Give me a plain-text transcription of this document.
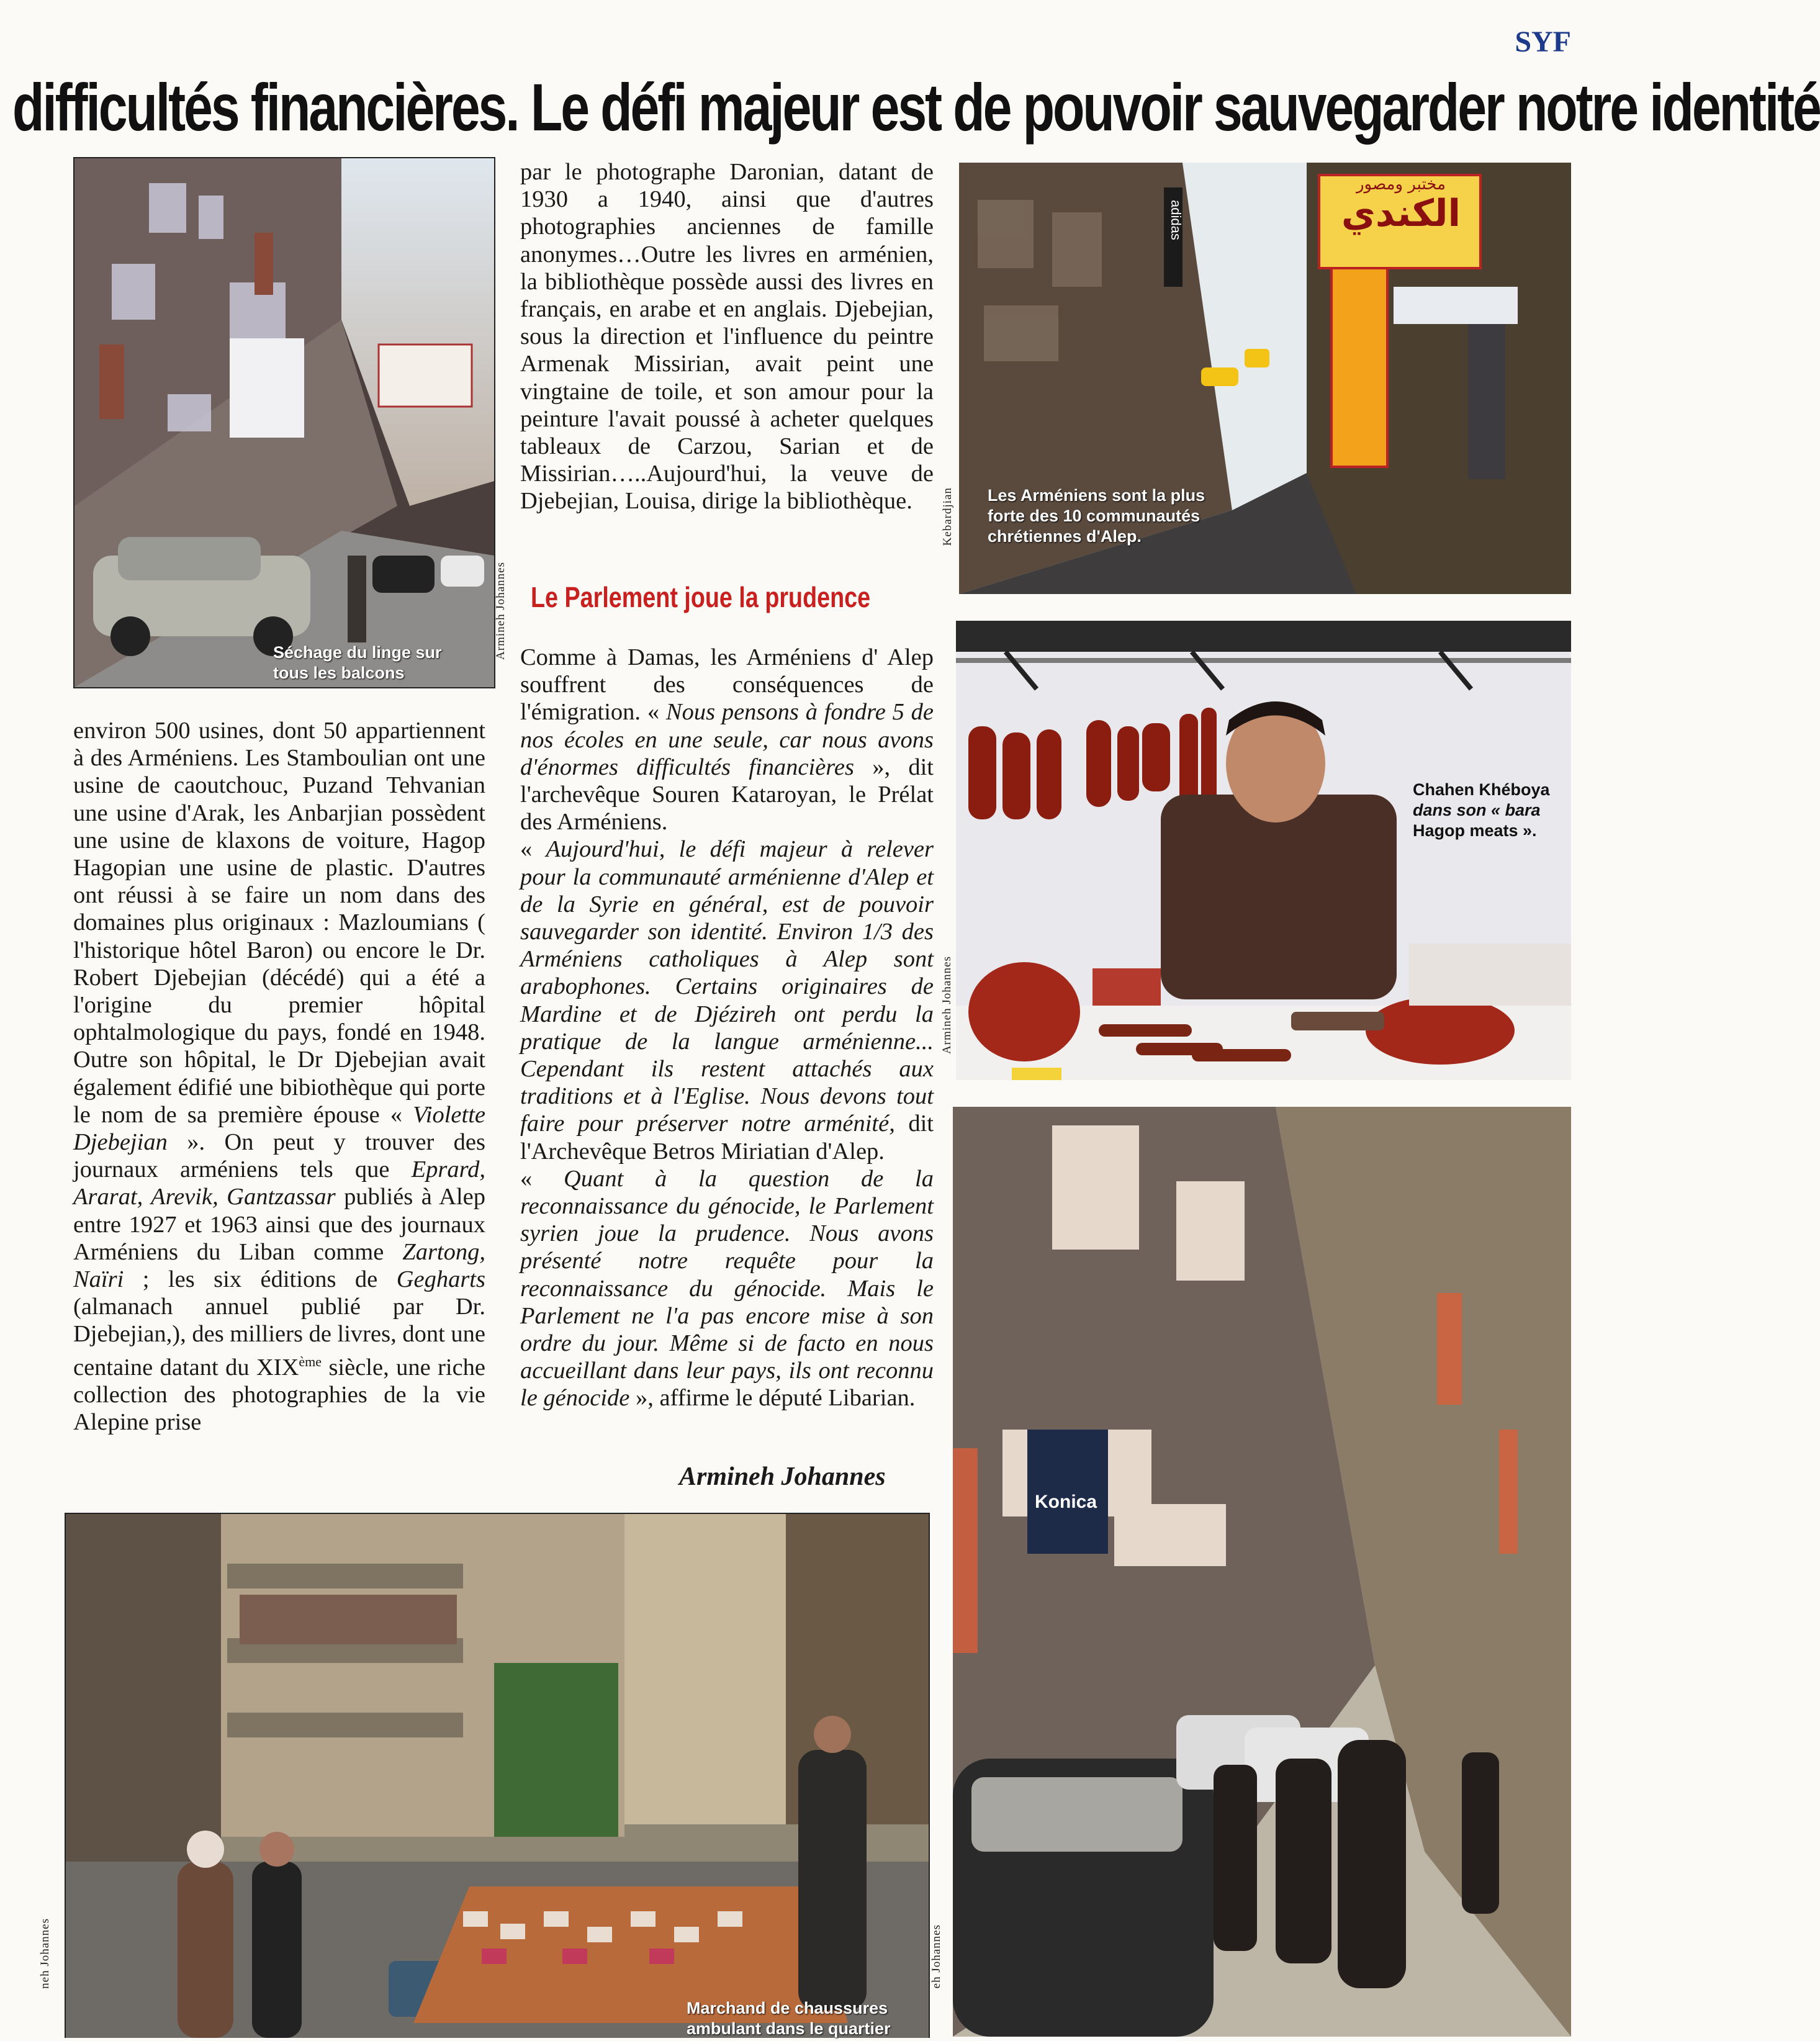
SYF
difficultés financières. Le défi majeur est de pouvoir sauvegarder notre identité
Séchage du linge sur
tous les balcons
Armineh Johannes

environ 500 usines, dont 50 appartiennent à des Arméniens. Les Stamboulian ont une usine de caoutchouc, Puzand Tehvanian une usine d'Arak, les Anbarjian possèdent une usine de klaxons de voiture, Hagop Hagopian une usine de plastic. D'autres ont réussi à se faire un nom dans des domaines plus originaux : Mazloumians ( l'historique hôtel Baron) ou encore le Dr. Robert Djebejian (décédé) qui a été a l'origine du premier hôpital ophtalmologique du pays, fondé en 1948. Outre son hôpital, le Dr Djebejian avait également édifié une bibiothèque qui porte le nom de sa première épouse « Violette Djebejian ». On peut y trouver des journaux arméniens tels que Eprard, Ararat, Arevik, Gantzassar publiés à Alep entre 1927 et 1963 ainsi que des journaux Arméniens du Liban comme Zartong, Naïri ; les six éditions de Gegharts (almanach annuel publié par Dr. Djebejian,), des milliers de livres, dont une centaine datant du XIXème siècle, une riche collection des photographies de la vie Alepine prise

par le photographe Daronian, datant de 1930 a 1940, ainsi que d'autres photographies anciennes de famille anonymes…Outre les livres en arménien, la bibliothèque possède aussi des livres en français, en arabe et en anglais. Djebejian, sous la direction et l'influence du peintre Armenak Missirian, avait peint une vingtaine de toile, et son amour pour la peinture l'avait poussé à acheter quelques tableaux de Carzou, Sarian et de Missirian…..Aujourd'hui, la veuve de Djebejian, Louisa, dirige la bibliothèque.

Le Parlement joue la prudence

Comme à Damas, les Arméniens d' Alep souffrent des conséquences de l'émigration. « Nous pensons à fondre 5 de nos écoles en une seule, car nous avons d'énormes difficultés financières », dit l'archevêque Souren Kataroyan, le Prélat des Arméniens.

« Aujourd'hui, le défi majeur à relever pour la communauté arménienne d'Alep et de la Syrie en général, est de pouvoir sauvegarder son identité. Environ 1/3 des Arméniens catholiques à Alep sont arabophones. Certains originaires de Mardine et de Djézireh ont perdu la pratique de la langue arménienne... Cependant ils restent attachés aux traditions et à l'Eglise. Nous devons tout faire pour préserver notre arménité, dit l'Archevêque Betros Miriatian d'Alep.

« Quant à la question de la reconnaissance du génocide, le Parlement syrien joue la prudence. Nous avons présenté notre requête pour la reconnaissance du génocide. Mais le Parlement ne l'a pas encore mise à son ordre du jour. Même si de facto en nous accueillant dans leur pays, ils ont reconnu le génocide », affirme le député Libarian.

Armineh Johannes
مختبر ومصور
الكندي
adidas
Les Arméniens sont la plus
forte des 10 communautés
chrétiennes d'Alep.
Kebardjian
Chahen Khéboya
dans son « bara
Hagop meats ».
Armineh Johannes
Marchand de chaussures
ambulant dans le quartier
neh Johannes
Konica
eh Johannes
